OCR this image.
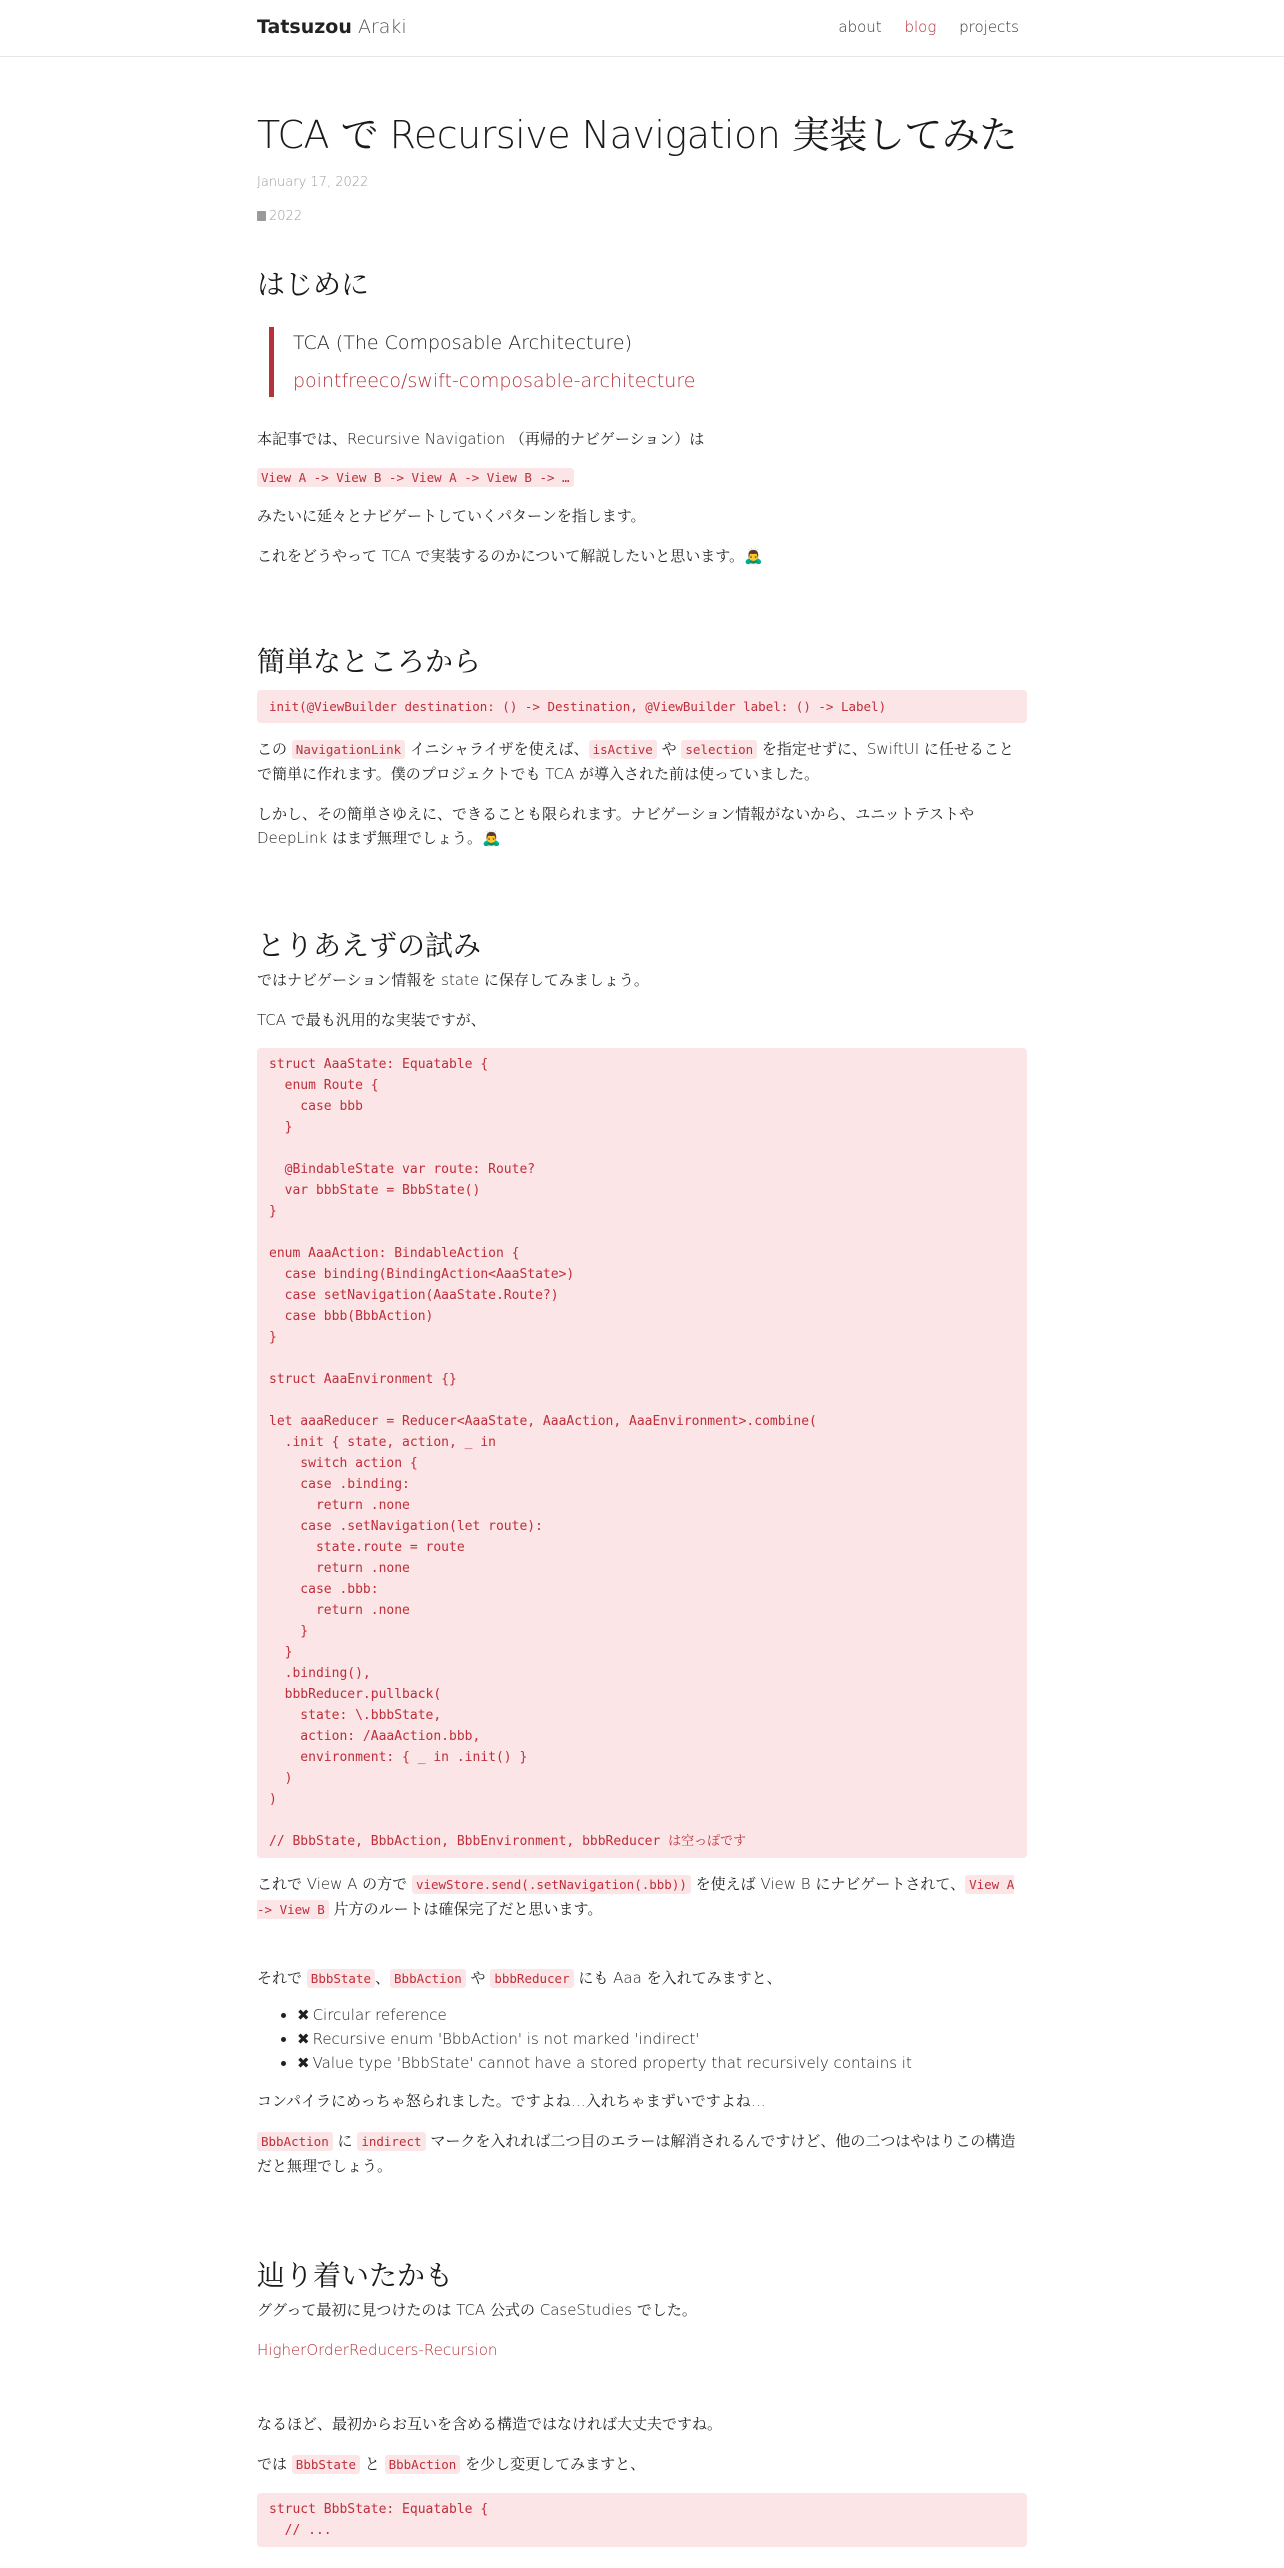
Tatsuzou Araki	about blog projects
TCA で Recursive Navigation 実装してみた

January 17, 2022

2022

はじめに

TCA (The Composable Architecture)

pointfreeco/swift-composable-architecture

本記事では、Recursive Navigation （再帰的ナビゲーション）は

View A -> View B -> View A -> View B -> …

みたいに延々とナビゲートしていくパターンを指します。

これをどうやって TCA で実装するのかについて解説したいと思います。🙇‍♂️

簡単なところから
init(@ViewBuilder destination: () -> Destination, @ViewBuilder label: () -> Label)

この NavigationLink イニシャライザを使えば、 isActive や selection を指定せずに、SwiftUI に任せることで簡単に作れます。僕のプロジェクトでも TCA が導入された前は使っていました。

しかし、その簡単さゆえに、できることも限られます。ナビゲーション情報がないから、ユニットテストや DeepLink はまず無理でしょう。🙇‍♂️

とりあえずの試み

ではナビゲーション情報を state に保存してみましょう。

TCA で最も汎用的な実装ですが、

struct AaaState: Equatable {
enum Route {
case bbb
}

@BindableState var route: Route?
var bbbState = BbbState()
}

enum AaaAction: BindableAction {
case binding(BindingAction<AaaState>)
case setNavigation(AaaState.Route?)
case bbb(BbbAction)
}

struct AaaEnvironment {}

let aaaReducer = Reducer<AaaState, AaaAction, AaaEnvironment>.combine(
.init { state, action, _ in
switch action {
case .binding:
return .none
case .setNavigation(let route):
state.route = route
return .none
case .bbb:
return .none
}
}
.binding(),
bbbReducer.pullback(
state: \.bbbState,
action: /AaaAction.bbb,
environment: { _ in .init() }
)
)

// BbbState, BbbAction, BbbEnvironment, bbbReducer は空っぽです

これで View A の方で viewStore.send(.setNavigation(.bbb)) を使えば View B にナビゲートされて、 View A -> View B 片方のルートは確保完了だと思います。

それで BbbState 、 BbbAction や bbbReducer にも Aaa を入れてみますと、

• ✖ Circular reference
• ✖ Recursive enum 'BbbAction' is not marked 'indirect'
• ✖ Value type 'BbbState' cannot have a stored property that recursively contains it

コンパイラにめっちゃ怒られました。ですよね…入れちゃまずいですよね…

BbbAction に indirect マークを入れれば二つ目のエラーは解消されるんですけど、他の二つはやはりこの構造だと無理でしょう。

辿り着いたかも

ググって最初に見つけたのは TCA 公式の CaseStudies でした。

HigherOrderReducers-Recursion

なるほど、最初からお互いを含める構造ではなければ大丈夫ですね。

では BbbState と BbbAction を少し変更してみますと、

struct BbbState: Equatable {
// ...
